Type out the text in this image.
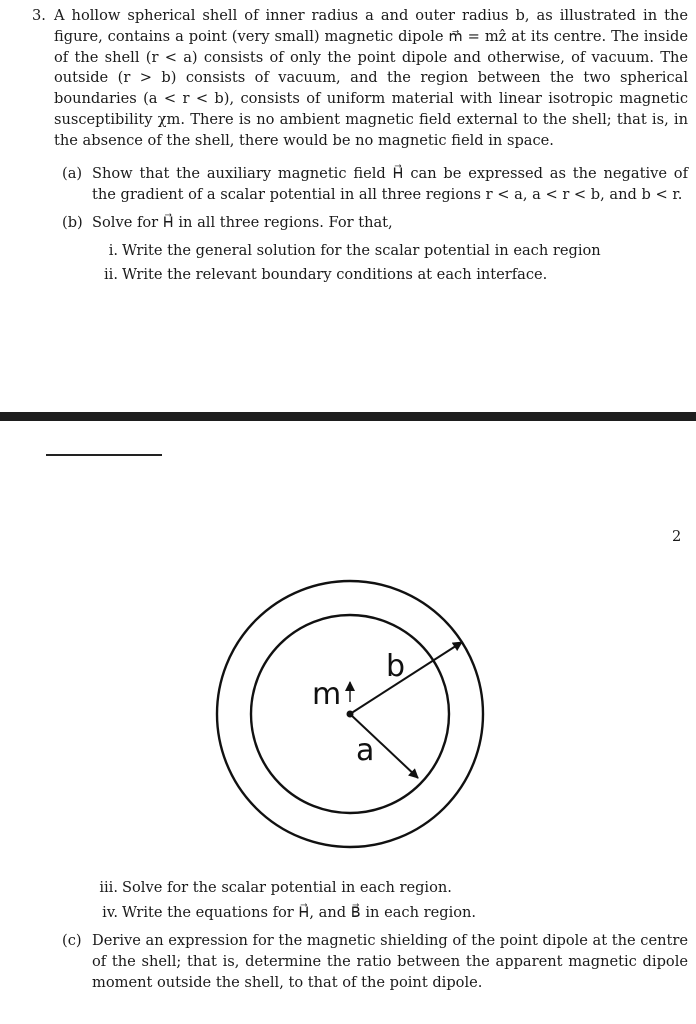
3. A hollow spherical shell of inner radius a and outer radius b, as illustrated in the figure, contains a point (very small) magnetic dipole m⃗ = mẑ at its centre. The inside of the shell (r < a) consists of only the point dipole and otherwise, of vacuum. The outside (r > b) consists of vacuum, and the region between the two spherical boundaries (a < r < b), consists of uniform material with linear isotropic magnetic susceptibility χm. There is no ambient magnetic field external to the shell; that is, in the absence of the shell, there would be no magnetic field in space.
(a) Show that the auxiliary magnetic field H⃗ can be expressed as the negative of the gradient of a scalar potential in all three regions r < a, a < r < b, and b < r.
(b) Solve for H⃗ in all three regions. For that,
i. Write the general solution for the scalar potential in each region
ii. Write the relevant boundary conditions at each interface.
2
m
b
a
iii. Solve for the scalar potential in each region.
iv. Write the equations for H⃗, and B⃗ in each region.
(c) Derive an expression for the magnetic shielding of the point dipole at the centre of the shell; that is, determine the ratio between the apparent magnetic dipole moment outside the shell, to that of the point dipole.
